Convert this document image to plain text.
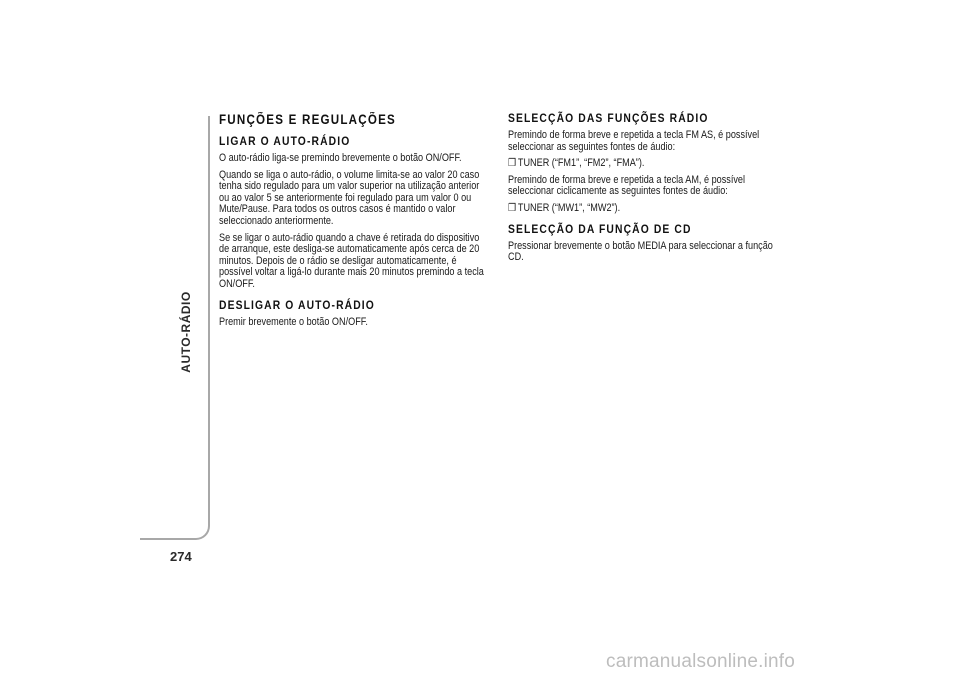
AUTO-RÁDIO
274
FUNÇÕES E REGULAÇÕES
LIGAR O AUTO-RÁDIO

O auto-rádio liga-se premindo brevemente o botão ON/OFF.

Quando se liga o auto-rádio, o volume limita-se ao valor 20 caso tenha sido regulado para um valor superior na utilização anterior ou ao valor 5 se anteriormente foi regulado para um valor 0 ou Mute/Pause. Para todos os outros casos é mantido o valor seleccionado anteriormente.

Se se ligar o auto-rádio quando a chave é retirada do dispositivo de arranque, este desliga-se automaticamente após cerca de 20 minutos. Depois de o rádio se desligar automaticamente, é possível voltar a ligá-lo durante mais 20 minutos premindo a tecla ON/OFF.

DESLIGAR O AUTO-RÁDIO

Premir brevemente o botão ON/OFF.

SELECÇÃO DAS FUNÇÕES RÁDIO

Premindo de forma breve e repetida a tecla FM AS, é possível seleccionar as seguintes fontes de áudio:

❒ TUNER (“FM1”, “FM2”, “FMA”).

Premindo de forma breve e repetida a tecla AM, é possível seleccionar ciclicamente as seguintes fontes de áudio:

❒ TUNER (“MW1”, “MW2”).
SELECÇÃO DA FUNÇÃO DE CD

Pressionar brevemente o botão MEDIA para seleccionar a função CD.

carmanualsonline.info
